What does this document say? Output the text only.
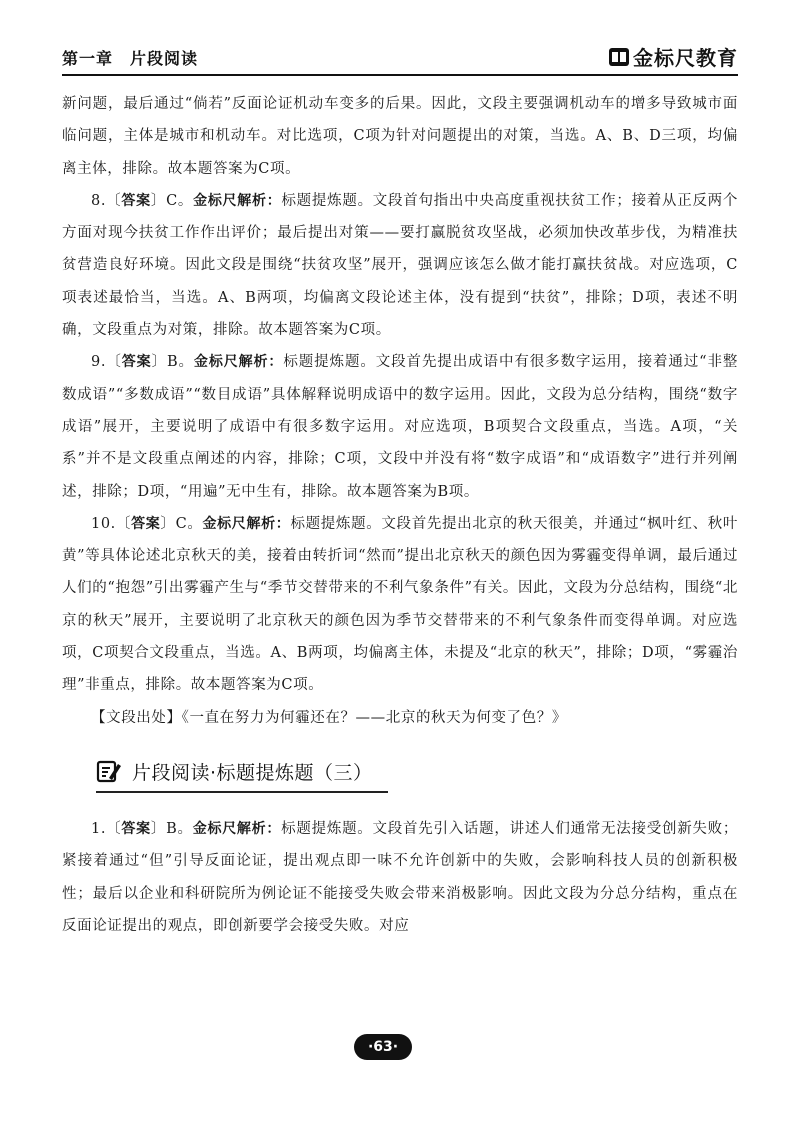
第一章　片段阅读	金标尺教育

新问题，最后通过“倘若”反面论证机动车变多的后果。因此，文段主要强调机动车的增多导致城市面临问题，主体是城市和机动车。对比选项，C项为针对问题提出的对策，当选。A、B、D三项，均偏离主体，排除。故本题答案为C项。

8.〔答案〕C。金标尺解析：标题提炼题。文段首句指出中央高度重视扶贫工作；接着从正反两个方面对现今扶贫工作作出评价；最后提出对策——要打赢脱贫攻坚战，必须加快改革步伐，为精准扶贫营造良好环境。因此文段是围绕“扶贫攻坚”展开，强调应该怎么做才能打赢扶贫战。对应选项，C项表述最恰当，当选。A、B两项，均偏离文段论述主体，没有提到“扶贫”，排除；D项，表述不明确，文段重点为对策，排除。故本题答案为C项。

9.〔答案〕B。金标尺解析：标题提炼题。文段首先提出成语中有很多数字运用，接着通过“非整数成语”“多数成语”“数目成语”具体解释说明成语中的数字运用。因此，文段为总分结构，围绕“数字成语”展开，主要说明了成语中有很多数字运用。对应选项，B项契合文段重点，当选。A项，“关系”并不是文段重点阐述的内容，排除；C项，文段中并没有将“数字成语”和“成语数字”进行并列阐述，排除；D项，“用遍”无中生有，排除。故本题答案为B项。

10.〔答案〕C。金标尺解析：标题提炼题。文段首先提出北京的秋天很美，并通过“枫叶红、秋叶黄”等具体论述北京秋天的美，接着由转折词“然而”提出北京秋天的颜色因为雾霾变得单调，最后通过人们的“抱怨”引出雾霾产生与“季节交替带来的不利气象条件”有关。因此，文段为分总结构，围绕“北京的秋天”展开，主要说明了北京秋天的颜色因为季节交替带来的不利气象条件而变得单调。对应选项，C项契合文段重点，当选。A、B两项，均偏离主体，未提及“北京的秋天”，排除；D项，“雾霾治理”非重点，排除。故本题答案为C项。

【文段出处】《一直在努力为何霾还在？——北京的秋天为何变了色？》

片段阅读·标题提炼题（三）

1.〔答案〕B。金标尺解析：标题提炼题。文段首先引入话题，讲述人们通常无法接受创新失败；紧接着通过“但”引导反面论证，提出观点即一味不允许创新中的失败，会影响科技人员的创新积极性；最后以企业和科研院所为例论证不能接受失败会带来消极影响。因此文段为分总分结构，重点在反面论证提出的观点，即创新要学会接受失败。对应

·63·
